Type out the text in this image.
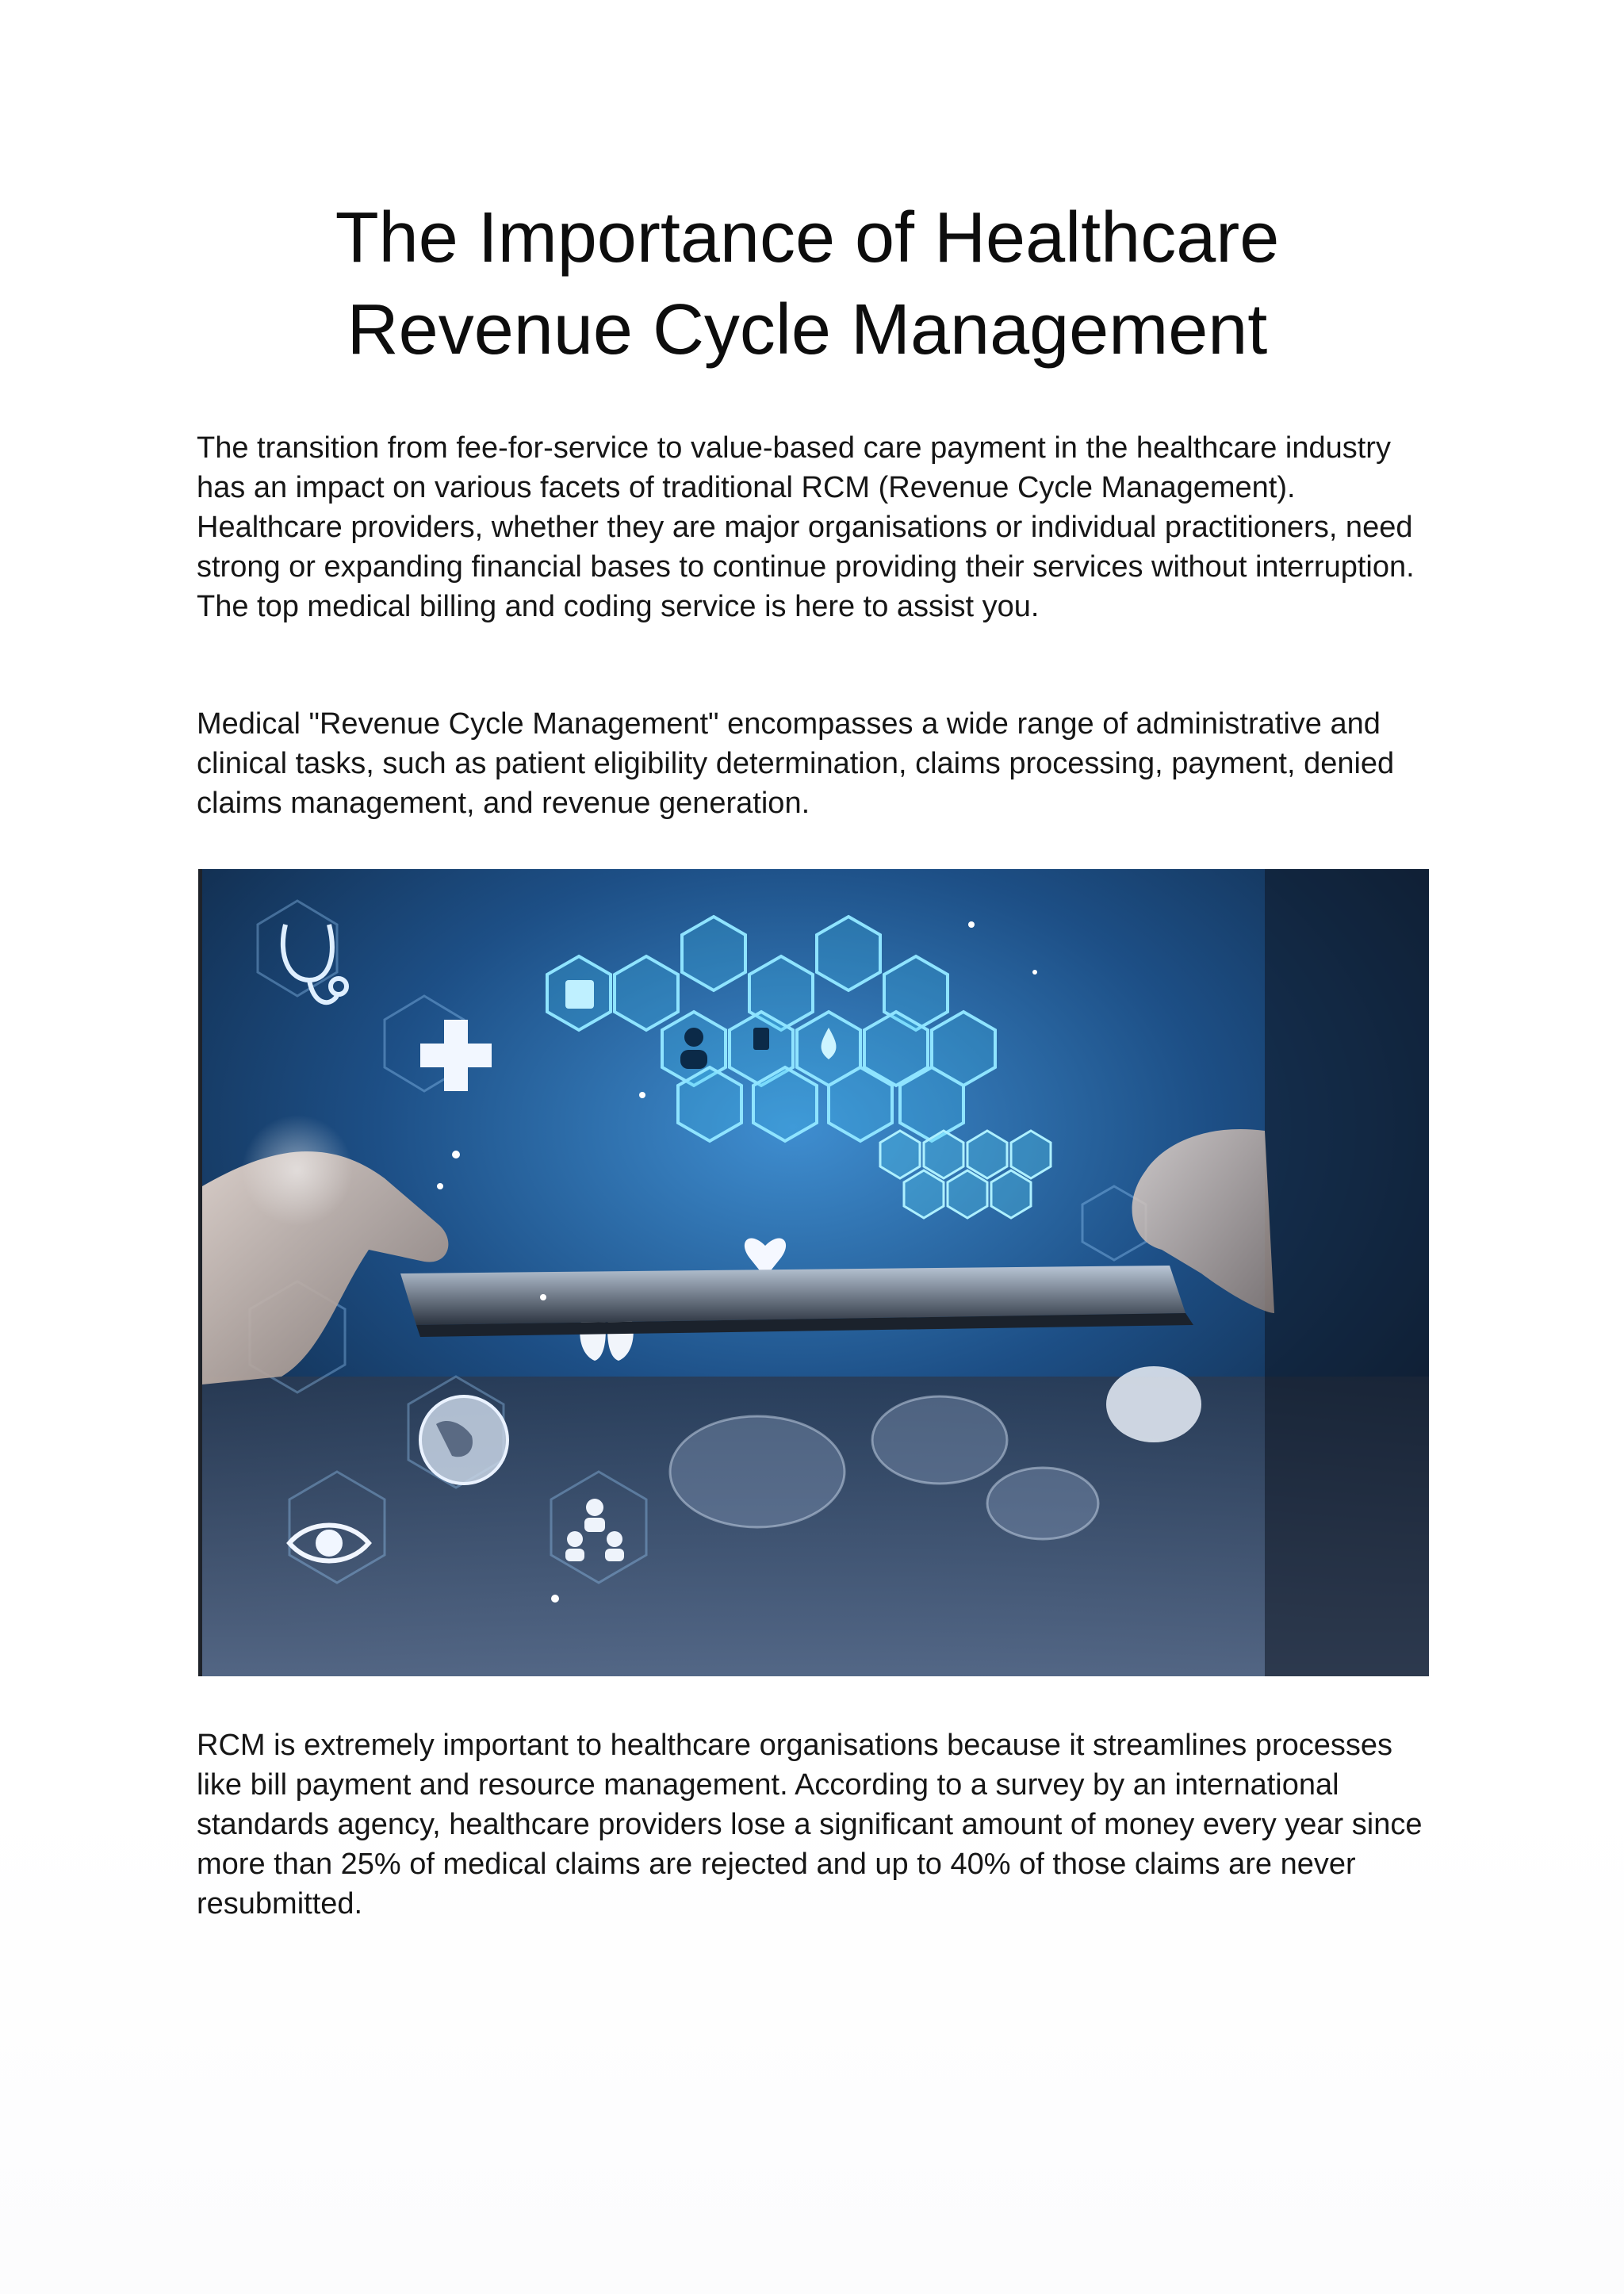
The Importance of Healthcare
Revenue Cycle Management

The transition from fee-for-service to value-based care payment in the healthcare industry has an impact on various facets of traditional RCM (Revenue Cycle Management). Healthcare providers, whether they are major organisations or individual practitioners, need strong or expanding financial bases to continue providing their services without interruption. The top medical billing and coding service is here to assist you.

Medical "Revenue Cycle Management" encompasses a wide range of administrative and clinical tasks, such as patient eligibility determination, claims processing, payment, denied claims management, and revenue generation.

RCM is extremely important to healthcare organisations because it streamlines processes like bill payment and resource management. According to a survey by an international standards agency, healthcare providers lose a significant amount of money every year since more than 25% of medical claims are rejected and up to 40% of those claims are never resubmitted.
